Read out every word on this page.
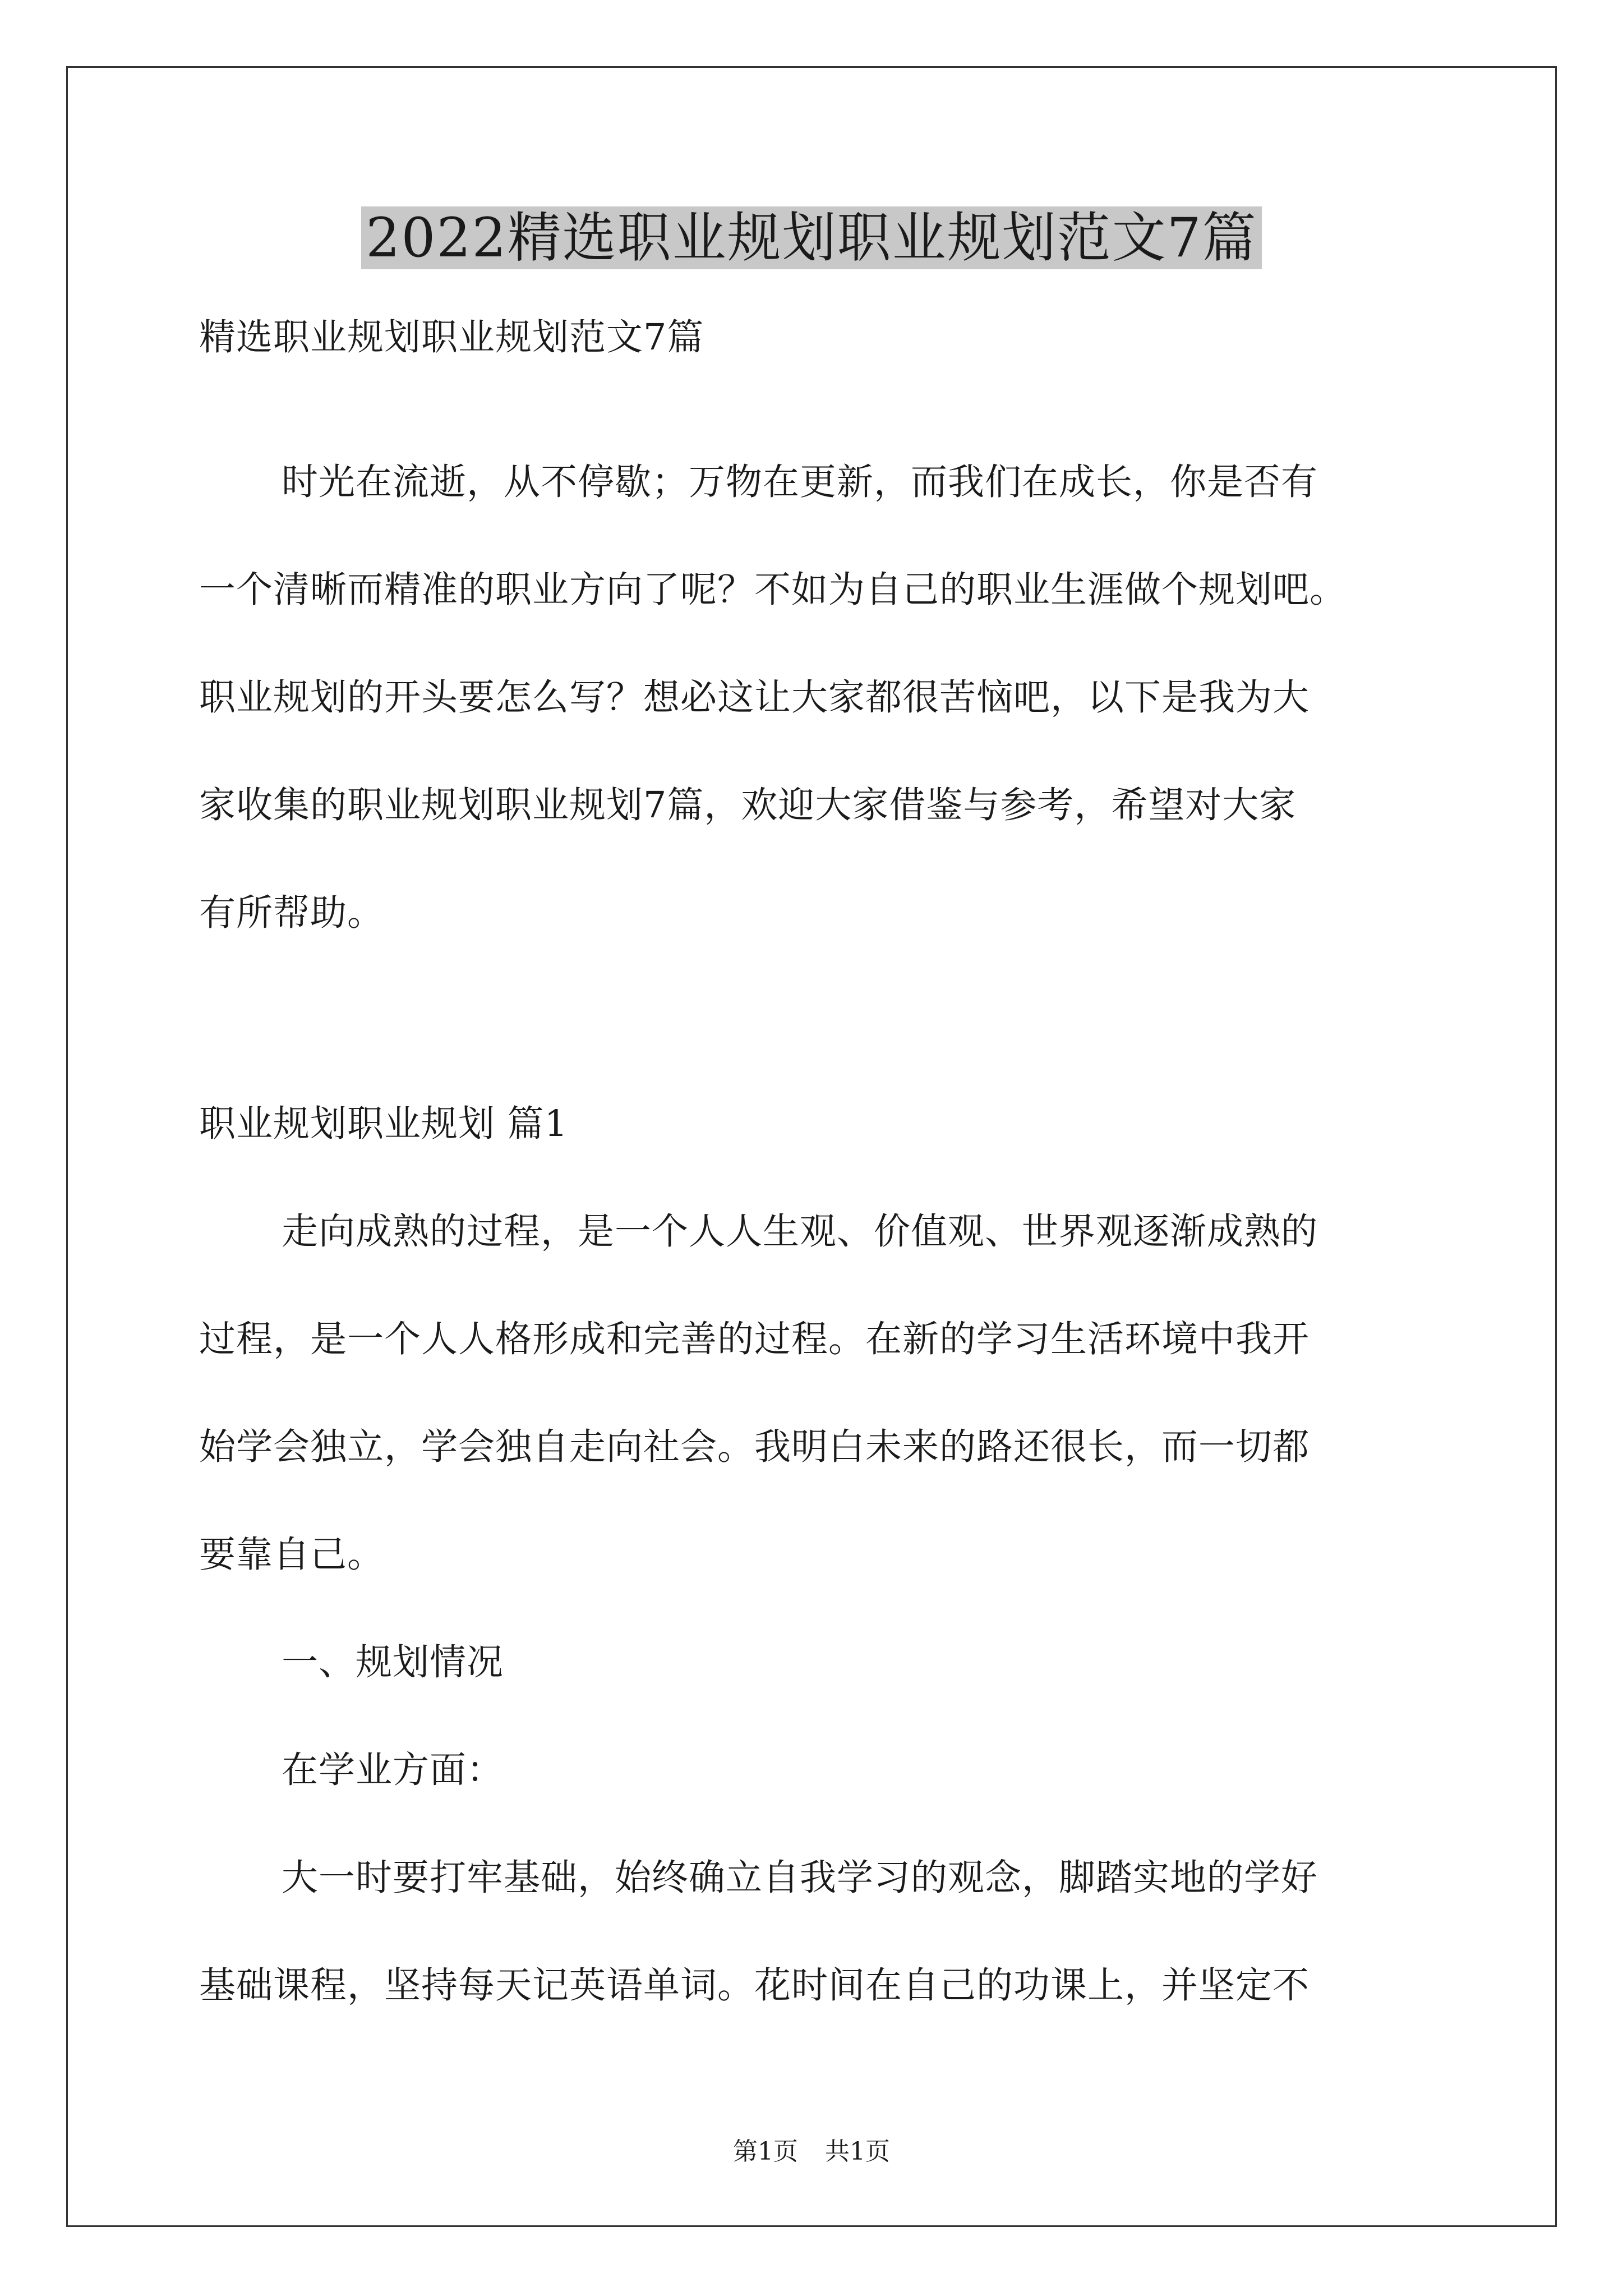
2022精选职业规划职业规划范文7篇

精选职业规划职业规划范文7篇

时光在流逝，从不停歇；万物在更新，而我们在成长，你是否有

一个清晰而精准的职业方向了呢？不如为自己的职业生涯做个规划吧。

职业规划的开头要怎么写？想必这让大家都很苦恼吧，以下是我为大

家收集的职业规划职业规划7篇，欢迎大家借鉴与参考，希望对大家

有所帮助。

职业规划职业规划 篇1

走向成熟的过程，是一个人人生观、价值观、世界观逐渐成熟的

过程，是一个人人格形成和完善的过程。在新的学习生活环境中我开

始学会独立，学会独自走向社会。我明白未来的路还很长，而一切都

要靠自己。

一、规划情况

在学业方面：

大一时要打牢基础，始终确立自我学习的观念，脚踏实地的学好

基础课程，坚持每天记英语单词。花时间在自己的功课上，并坚定不

第1页 共1页
